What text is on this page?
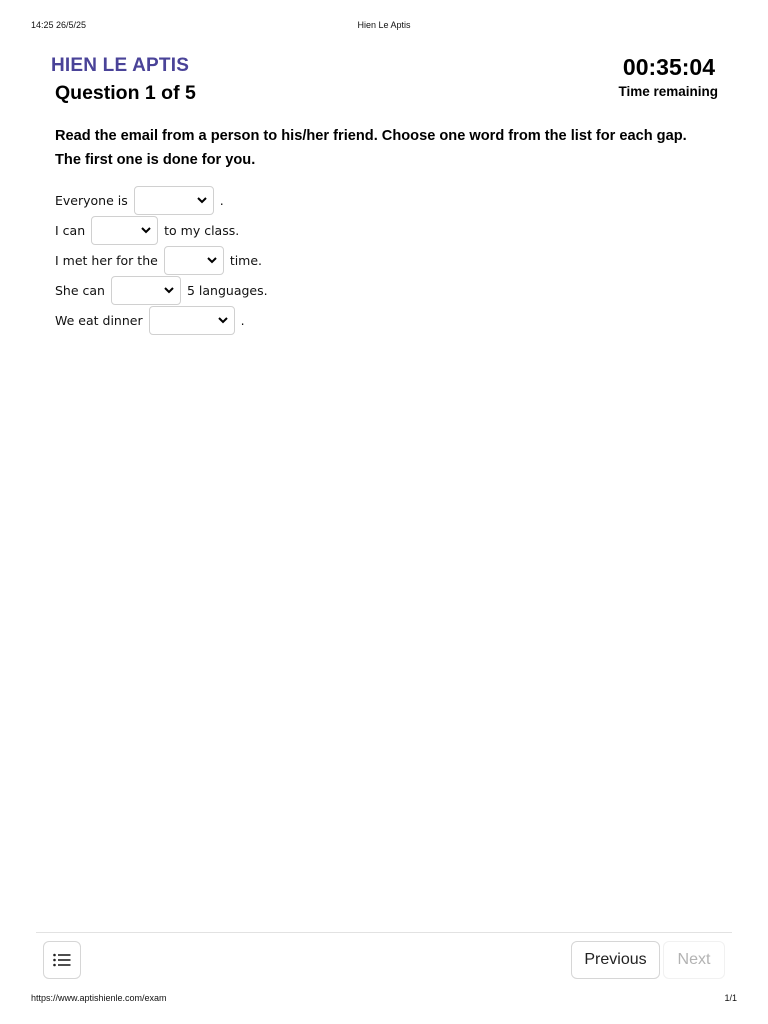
14:25 26/5/25	Hien Le Aptis
HIEN LE APTIS
Question 1 of 5
00:35:04
Time remaining
Read the email from a person to his/her friend. Choose one word from the list for each gap.
The first one is done for you.
Everyone is	.
I can	to my class.
I met her for the	time.
She can	5 languages.
We eat dinner	.
Previous	Next
https://www.aptishienle.com/exam	1/1
